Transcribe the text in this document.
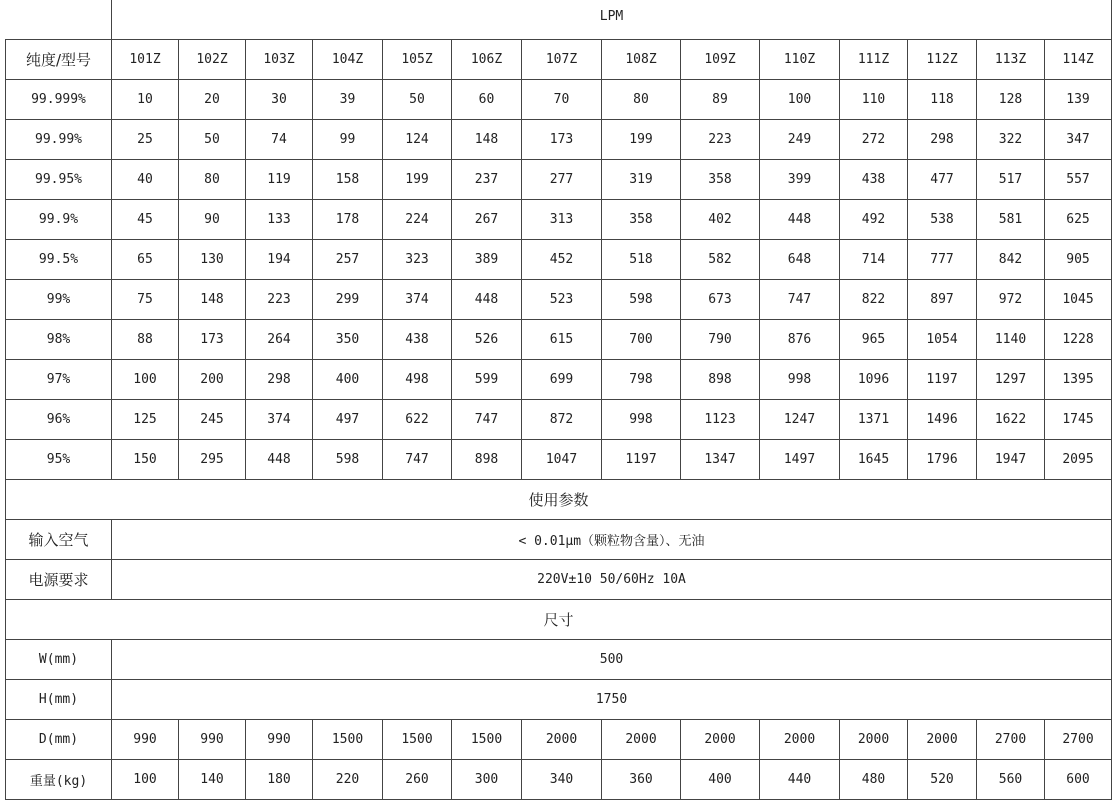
	LPM													
纯度/型号	101Z	102Z	103Z	104Z	105Z	106Z	107Z	108Z	109Z	110Z	111Z	112Z	113Z	114Z
99.999%	10	20	30	39	50	60	70	80	89	100	110	118	128	139
99.99%	25	50	74	99	124	148	173	199	223	249	272	298	322	347
99.95%	40	80	119	158	199	237	277	319	358	399	438	477	517	557
99.9%	45	90	133	178	224	267	313	358	402	448	492	538	581	625
99.5%	65	130	194	257	323	389	452	518	582	648	714	777	842	905
99%	75	148	223	299	374	448	523	598	673	747	822	897	972	1045
98%	88	173	264	350	438	526	615	700	790	876	965	1054	1140	1228
97%	100	200	298	400	498	599	699	798	898	998	1096	1197	1297	1395
96%	125	245	374	497	622	747	872	998	1123	1247	1371	1496	1622	1745
95%	150	295	448	598	747	898	1047	1197	1347	1497	1645	1796	1947	2095
使用参数														
输入空气	< 0.01μm（颗粒物含量）、无油													
电源要求	220V±10 50/60Hz 10A													
尺寸														
W(mm)	500													
H(mm)	1750													
D(mm)	990	990	990	1500	1500	1500	2000	2000	2000	2000	2000	2000	2700	2700
重量(kg)	100	140	180	220	260	300	340	360	400	440	480	520	560	600
